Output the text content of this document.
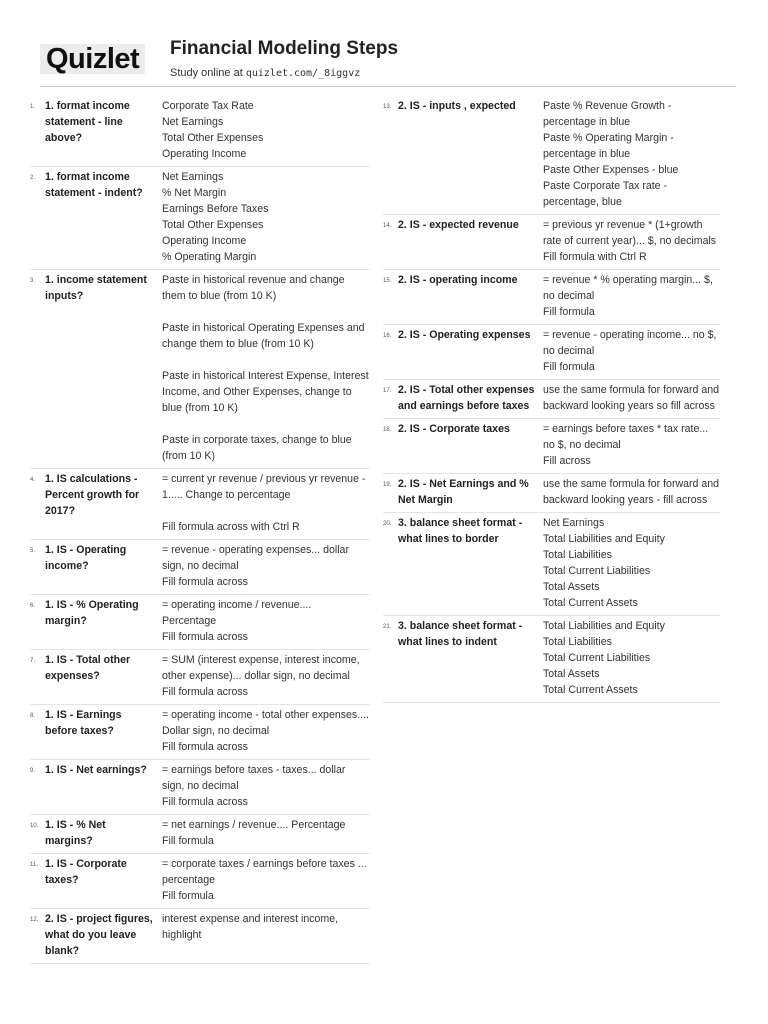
Quizlet	Financial Modeling Steps
Study online at quizlet.com/_8iggvz
1. 1. format income statement - line above?
Corporate Tax Rate
Net Earnings
Total Other Expenses
Operating Income
2. 1. format income statement - indent?
Net Earnings
% Net Margin
Earnings Before Taxes
Total Other Expenses
Operating Income
% Operating Margin
3. 1. income statement inputs?
Paste in historical revenue and change them to blue (from 10 K)
Paste in historical Operating Expenses and change them to blue (from 10 K)
Paste in historical Interest Expense, Interest Income, and Other Expenses, change to blue (from 10 K)
Paste in corporate taxes, change to blue (from 10 K)
4. 1. IS calculations - Percent growth for 2017?
= current yr revenue / previous yr revenue - 1..... Change to percentage
Fill formula across with Ctrl R
5. 1. IS - Operating income?
= revenue - operating expenses... dollar sign, no decimal
Fill formula across
6. 1. IS - % Operating margin?
= operating income / revenue....
Percentage
Fill formula across
7. 1. IS - Total other expenses?
= SUM (interest expense, interest income, other expense)... dollar sign, no decimal
Fill formula across
8. 1. IS - Earnings before taxes?
= operating income - total other expenses.... Dollar sign, no decimal
Fill formula across
9. 1. IS - Net earnings?	= earnings before taxes - taxes... dollar sign, no decimal
Fill formula across
10. 1. IS - % Net margins?
= net earnings / revenue.... Percentage
Fill formula
11. 1. IS - Corporate taxes?
= corporate taxes / earnings before taxes ... percentage
Fill formula
12. 2. IS - project figures, what do you leave blank?
interest expense and interest income, highlight
13. 2. IS - inputs , expected	Paste % Revenue Growth - percentage in blue
Paste % Operating Margin - percentage in blue
Paste Other Expenses - blue
Paste Corporate Tax rate - percentage, blue
14. 2. IS - expected revenue	= previous yr revenue * (1+growth rate of current year)... $, no decimals
Fill formula with Ctrl R
15. 2. IS - operating income	= revenue * % operating margin... $, no decimal
Fill formula
16. 2. IS - Operating expenses	= revenue - operating income... no $, no decimal
Fill formula
17. 2. IS - Total other expenses and earnings before taxes
use the same formula for forward and backward looking years so fill across
18. 2. IS - Corporate taxes	= earnings before taxes * tax rate... no $, no decimal
Fill across
19. 2. IS - Net Earnings and % Net Margin
use the same formula for forward and backward looking years - fill across
20. 3. balance sheet format - what lines to border
Net Earnings
Total Liabilities and Equity
Total Liabilities
Total Current Liabilities
Total Assets
Total Current Assets
21. 3. balance sheet format - what lines to indent
Total Liabilities and Equity
Total Liabilities
Total Current Liabilities
Total Assets
Total Current Assets
